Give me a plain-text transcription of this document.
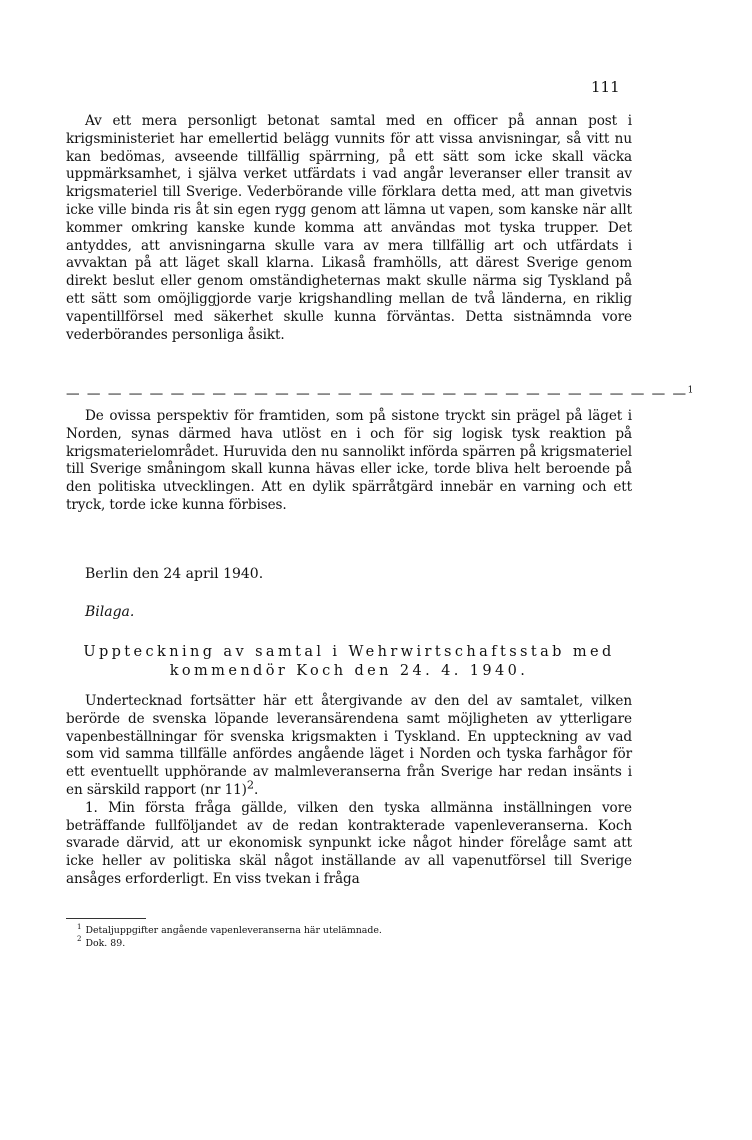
111

Av ett mera personligt betonat samtal med en officer på annan post i krigsministeriet har emellertid belägg vunnits för att vissa anvisningar, så vitt nu kan bedömas, avseende tillfällig spärrning, på ett sätt som icke skall väcka uppmärksamhet, i själva verket utfärdats i vad angår leveranser eller transit av krigsmateriel till Sverige. Vederbörande ville förklara detta med, att man givetvis icke ville binda ris åt sin egen rygg genom att lämna ut vapen, som kanske när allt kommer omkring kanske kunde komma att användas mot tyska trupper. Det antyddes, att anvisningarna skulle vara av mera tillfällig art och utfärdats i avvaktan på att läget skall klarna. Likaså framhölls, att därest Sverige genom direkt beslut eller genom omständigheternas makt skulle närma sig Tyskland på ett sätt som omöjliggjorde varje krigshandling mellan de två länderna, en riklig vapentillförsel med säkerhet skulle kunna förväntas. Detta sistnämnda vore vederbörandes personliga åsikt.

— — — — — — — — — — — — — — — — — — — — — — — — — — — — — —$^1$

De ovissa perspektiv för framtiden, som på sistone tryckt sin prägel på läget i Norden, synas därmed hava utlöst en i och för sig logisk tysk reaktion på krigsmaterielområdet. Huruvida den nu sannolikt införda spärren på krigsmateriel till Sverige småningom skall kunna hävas eller icke, torde bliva helt beroende på den politiska utvecklingen. Att en dylik spärråtgärd innebär en varning och ett tryck, torde icke kunna förbises.

Berlin den 24 april 1940.
Bilaga.
Uppteckning av samtal i Wehrwirtschaftsstab med
kommendör Koch den 24. 4. 1940.

Undertecknad fortsätter här ett återgivande av den del av samtalet, vilken berörde de svenska löpande leveransärendena samt möjligheten av ytterligare vapenbeställningar för svenska krigsmakten i Tyskland. En uppteckning av vad som vid samma tillfälle anfördes angående läget i Norden och tyska farhågor för ett eventuellt upphörande av malmleveranserna från Sverige har redan insänts i en särskild rapport (nr 11)$^2$.

1. Min första fråga gällde, vilken den tyska allmänna inställningen vore beträffande fullföljandet av de redan kontrakterade vapenleveranserna. Koch svarade därvid, att ur ekonomisk synpunkt icke något hinder förelåge samt att icke heller av politiska skäl något inställande av all vapenutförsel till Sverige ansåges erforderligt. En viss tvekan i fråga

$^1$ Detaljuppgifter angående vapenleveranserna här utelämnade.
$^2$ Dok. 89.
